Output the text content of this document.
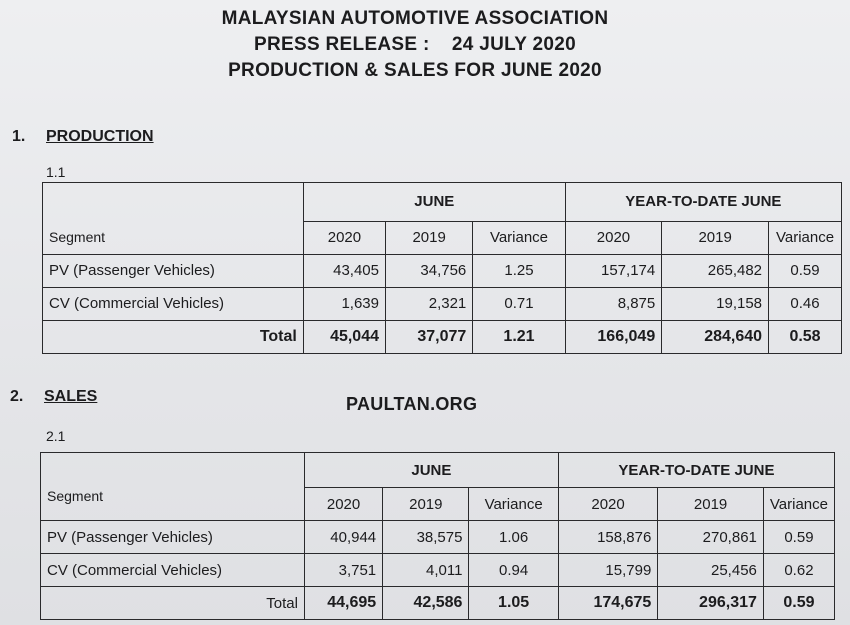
MALAYSIAN AUTOMOTIVE ASSOCIATION
PRESS RELEASE :    24 JULY 2020
PRODUCTION & SALES FOR JUNE 2020
1. PRODUCTION
1.1
	JUNE			YEAR-TO-DATE JUNE		
Segment	2020	2019	Variance	2020	2019	Variance
PV (Passenger Vehicles)	43,405	34,756	1.25	157,174	265,482	0.59
CV (Commercial Vehicles)	1,639	2,321	0.71	8,875	19,158	0.46
Total	45,044	37,077	1.21	166,049	284,640	0.58
2. SALES	PAULTAN.ORG
2.1
	JUNE			YEAR-TO-DATE JUNE		
Segment	2020	2019	Variance	2020	2019	Variance
PV (Passenger Vehicles)	40,944	38,575	1.06	158,876	270,861	0.59
CV (Commercial Vehicles)	3,751	4,011	0.94	15,799	25,456	0.62
Total	44,695	42,586	1.05	174,675	296,317	0.59
